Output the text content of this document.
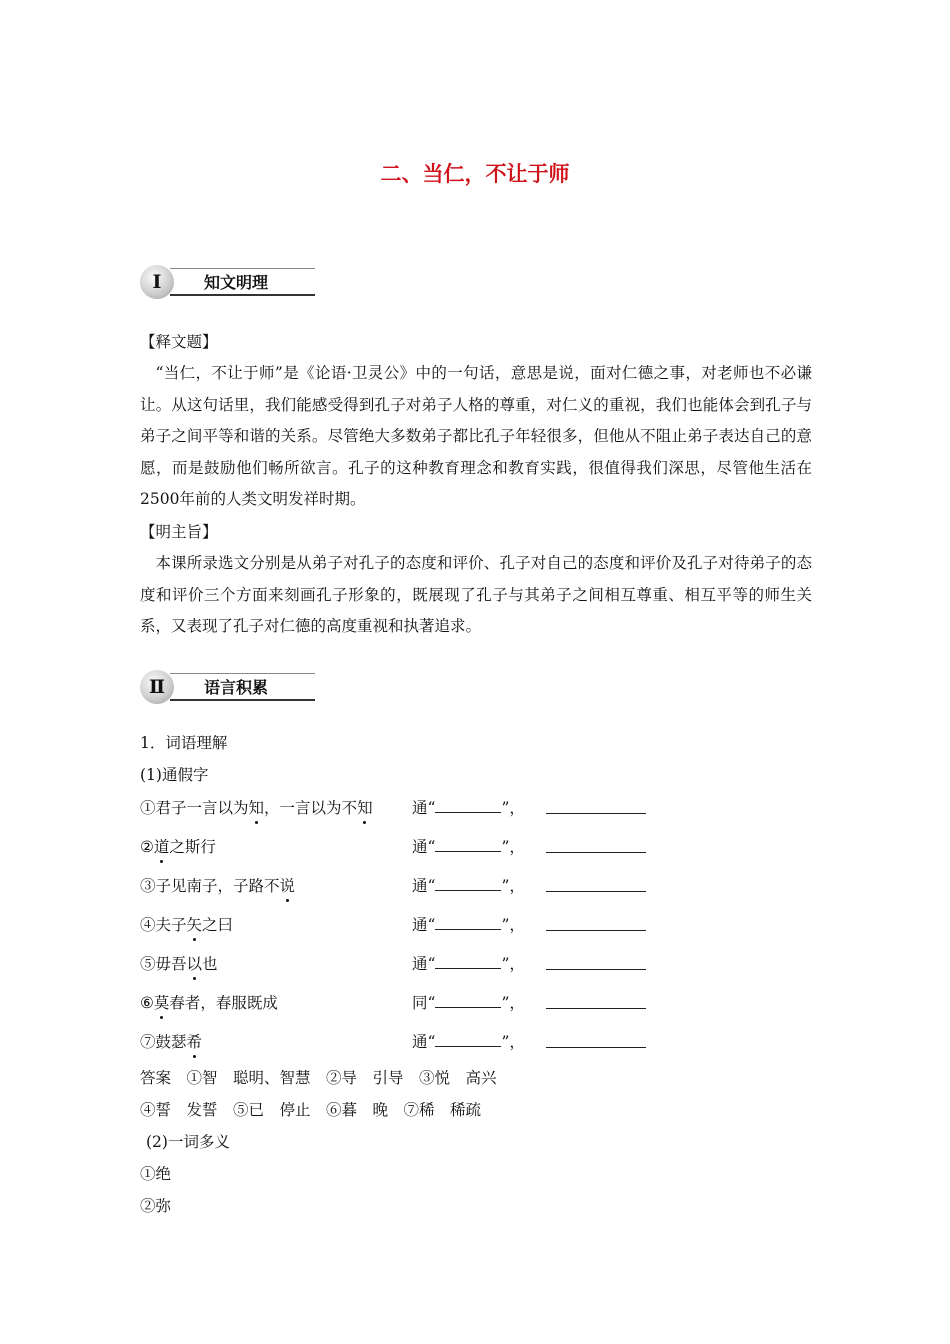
二、当仁，不让于师
I	知文明理
【释文题】
“当仁，不让于师”是《论语·卫灵公》中的一句话，意思是说，面对仁德之事，对老师也不必谦让。从这句话里，我们能感受得到孔子对弟子人格的尊重，对仁义的重视，我们也能体会到孔子与弟子之间平等和谐的关系。尽管绝大多数弟子都比孔子年轻很多，但他从不阻止弟子表达自己的意愿，而是鼓励他们畅所欲言。孔子的这种教育理念和教育实践，很值得我们深思，尽管他生活在2500年前的人类文明发祥时期。
【明主旨】
本课所录选文分别是从弟子对孔子的态度和评价、孔子对自己的态度和评价及孔子对待弟子的态度和评价三个方面来刻画孔子形象的，既展现了孔子与其弟子之间相互尊重、相互平等的师生关系，又表现了孔子对仁德的高度重视和执著追求。
Ⅱ	语言积累
1．词语理解
(1)通假字
①君子一言以为知，一言以为不知	通“	”，
②道之斯行	通“	”，
③子见南子，子路不说	通“	”，
④夫子矢之曰	通“	”，
⑤毋吾以也	通“	”，
⑥莫春者，春服既成	同“	”，
⑦鼓瑟希	通“	”，
答案　①智　聪明、智慧　②导　引导　③悦　高兴
④誓　发誓　⑤已　停止　⑥暮　晚　⑦稀　稀疏
(2)一词多义
①绝
②弥
